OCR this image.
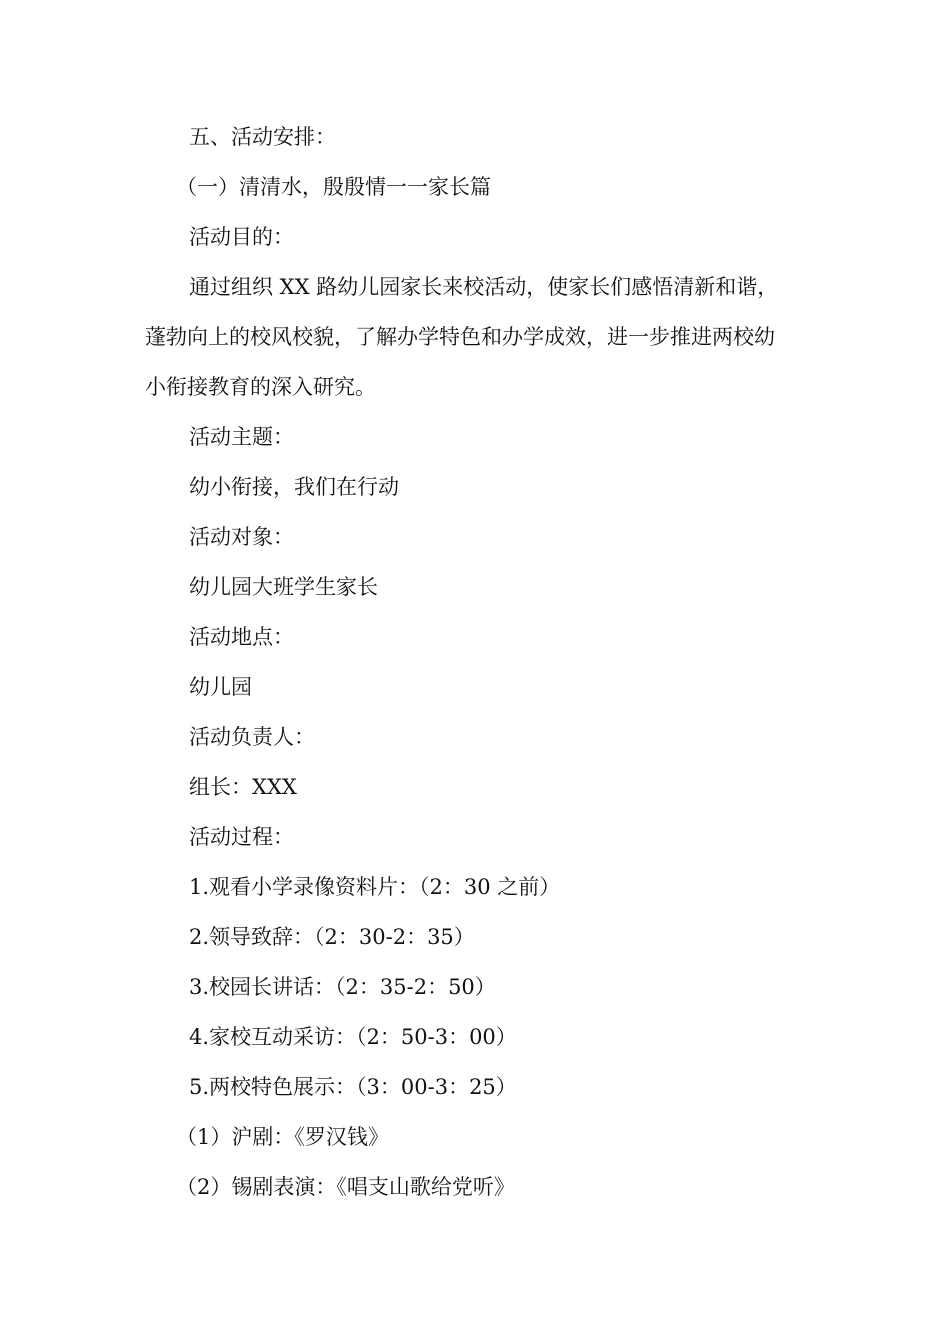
五、活动安排：
（一）清清水，殷殷情一一家长篇
活动目的：
通过组织 XX 路幼儿园家长来校活动，使家长们感悟清新和谐，
蓬勃向上的校风校貌，了解办学特色和办学成效，进一步推进两校幼
小衔接教育的深入研究。
活动主题：
幼小衔接，我们在行动
活动对象：
幼儿园大班学生家长
活动地点：
幼儿园
活动负责人：
组长：XXX
活动过程：
1.观看小学录像资料片：（2：30 之前）
2.领导致辞：（2：30-2：35）
3.校园长讲话：（2：35-2：50）
4.家校互动采访：（2：50-3：00）
5.两校特色展示：（3：00-3：25）
（1）沪剧：《罗汉钱》
（2）锡剧表演：《唱支山歌给党听》
